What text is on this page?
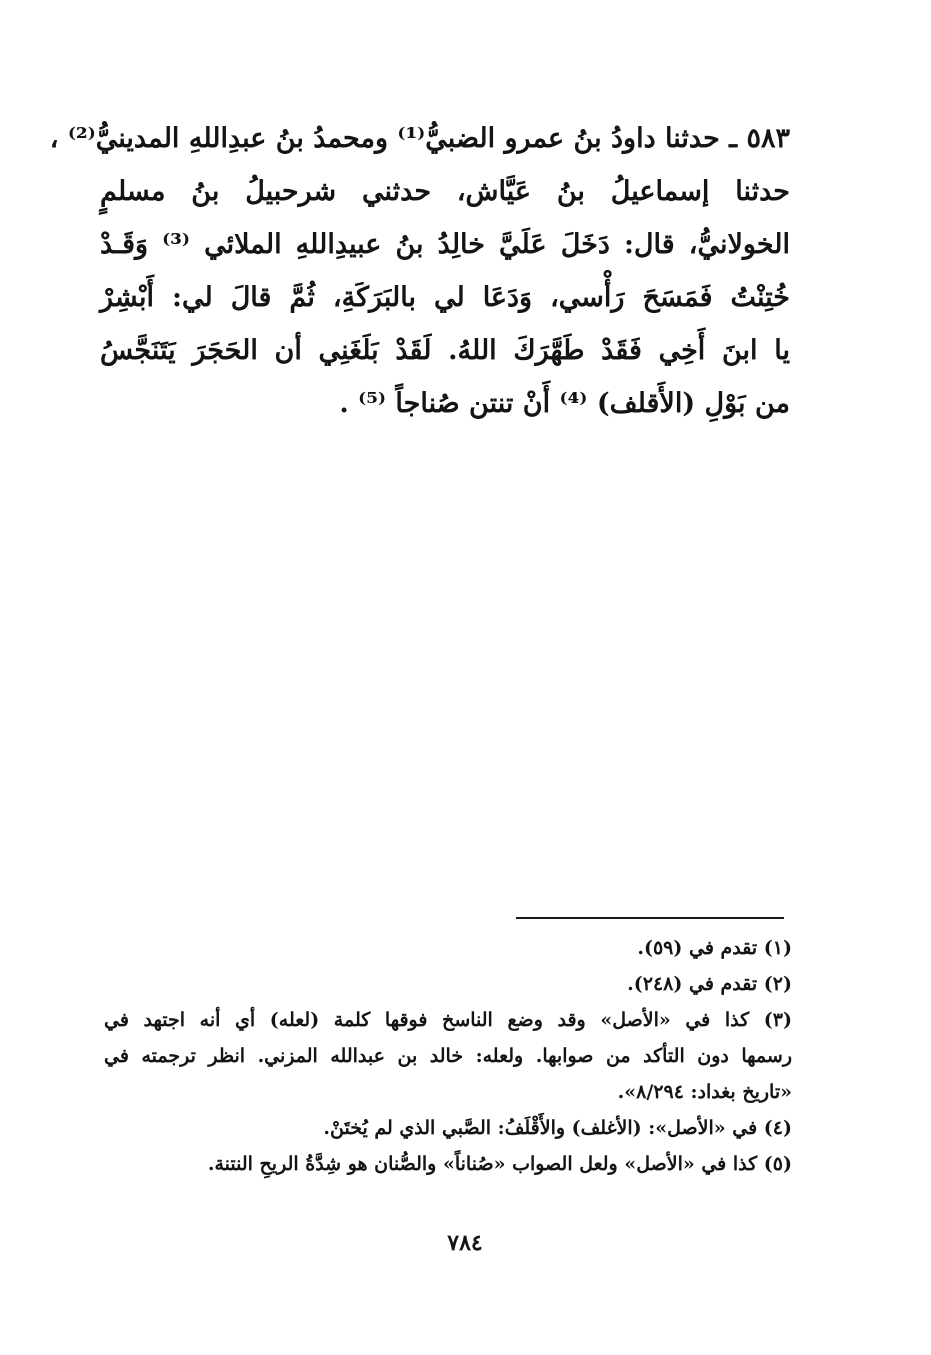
٥٨٣ ـ حدثنا داودُ بنُ عمرو الضبيُّ⁽¹⁾ ومحمدُ بنُ عبدِاللهِ المدينيُّ⁽²⁾ ،
حدثنا إسماعيلُ بنُ عَيَّاش، حدثني شرحبيلُ بنُ مسلمٍ
الخولانيُّ، قال: دَخَلَ عَلَيَّ خالِدُ بنُ عبيدِاللهِ الملائي ⁽³⁾ وَقَـدْ
خُتِنْتُ فَمَسَحَ رَأْسي، وَدَعَا لي بالبَرَكَةِ، ثُمَّ قالَ لي: أَبْشِرْ
يا ابنَ أَخِي فَقَدْ طَهَّرَكَ اللهُ. لَقَدْ بَلَغَنِي أن الحَجَرَ يَتَنَجَّسُ
من بَوْلِ (الأَقلف) ⁽⁴⁾ أَنْ تنتن صُناجاً ⁽⁵⁾ .
(١) تقدم في (٥٩).
(٢) تقدم في (٢٤٨).
(٣) كذا في «الأصل» وقد وضع الناسخ فوقها كلمة (لعله) أي أنه اجتهد في
رسمها دون التأكد من صوابها. ولعله: خالد بن عبدالله المزني. انظر ترجمته في
«تاريخ بغداد: ٨/٢٩٤».
(٤) في «الأصل»: (الأغلف) والأَقْلَفُ: الصَّبي الذي لم يُختَنْ.
(٥) كذا في «الأصل» ولعل الصواب «صُناناً» والصُّنان هو شِدَّةُ الريحِ النتنة.
٧٨٤
